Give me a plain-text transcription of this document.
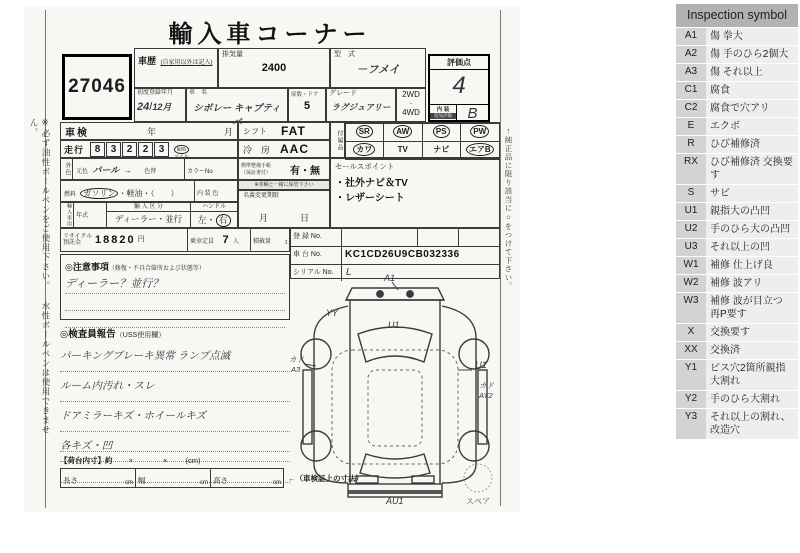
※必ず油性ボールペンをご使用下さい。 水性ボールペンは使用できません。	↑純正品に限り該当に○をつけて下さい。
輸入車コーナー
27046
車歴 (自家用以外は記入)
排気量
2400
型　式
－フメイ
初度登録年月
24/12月
車　名
シボレー キャプティバ
扉数・ドア
5
グレード
ラグジュアリー
2WD
・
4WD
評価点
4
内 装
追加評価	B
車検	年	月 シフト FAT	付属品	SR	AW	PS	PW
カワ	TV	ナビ	エアB
走行	8	3	2	2	3	km
マイル
冷　房 AAC
外色	元色 パール → 色替	カラーNo
燃料 ガソリン ・軽油・（　　）	内 装 色
輸入車用 年式
輸 入 区 分
ディーラー・並行
ハンドル
左・ 右
標準整備手帳
（保証書付）	有・無
※車輌と一緒に保管下さい
名義変更期限
月	日
セールスポイント
・社外ナビ＆TV
・レザーシート
リサイクル預託金	18820 円	乗車定員 7 人	積載量 t
登 録 No.
車 台 No.	KC1CD26U9CB032336
シリアル No.	L
◎注意事項（修復・不具合箇所および状態等）
ディーラー？並行？
◎検査員報告（USS使用欄）
パーキングブレーキ異常 ランプ点滅
ルーム内汚れ・スレ
ドアミラーキズ・ホイールキズ
各キズ・凹
【荷台内寸】約 ×　　　　× (cm)
長さ	cm 幅	cm 高さ	cm ←（車検証上の寸法）
A1
YY
U1
U1
カド
AY2
カド
A3
AU1	スペア
Inspection symbol
A1	傷 拳大
A2	傷 手のひら2個大
A3	傷 それ以上
C1	腐食
C2	腐食で穴アリ
E	エクボ
R	ひび補修済
RX	ひび補修済 交換要す
S	サビ
U1	親指大の凸凹
U2	手のひら大の凸凹
U3	それ以上の凹
W1	補修 仕上げ良
W2	補修 波アリ
W3	補修 波が目立つ　再P要す
X	交換要す
XX	交換済
Y1	ビス穴2箇所親指大割れ
Y2	手のひら大割れ
Y3	それ以上の割れ、改造穴
